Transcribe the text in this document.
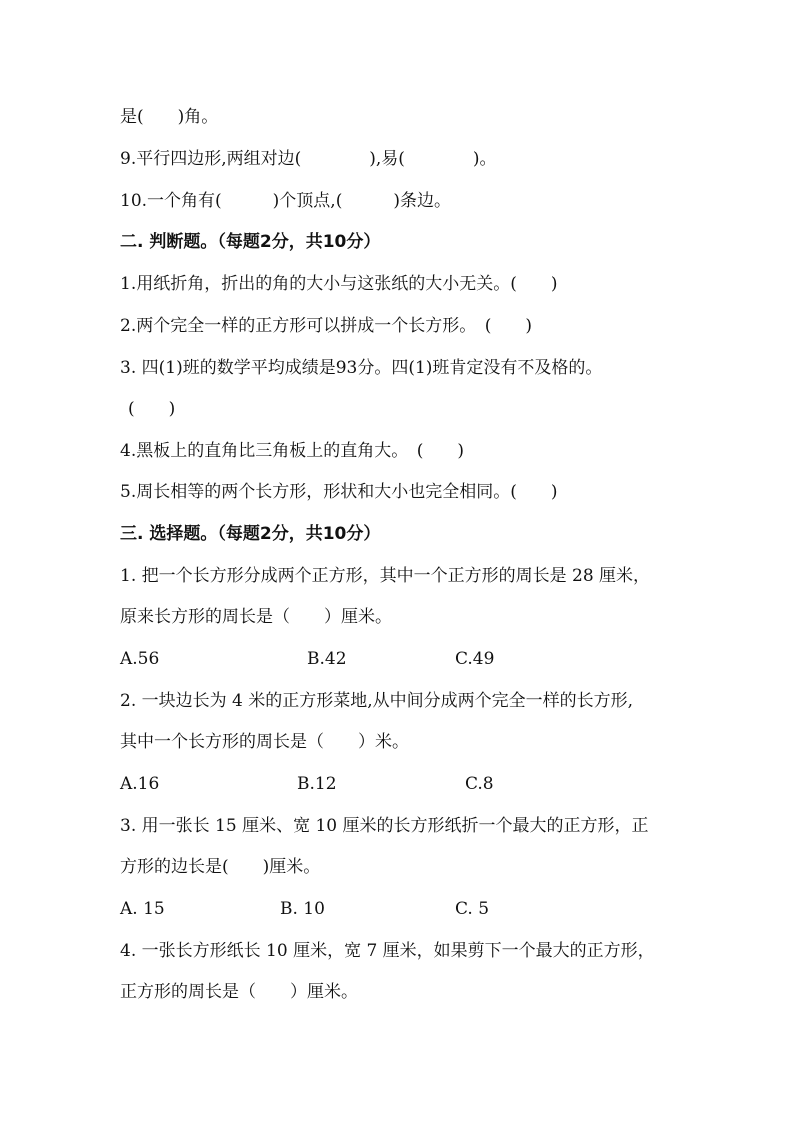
是(　　)角。
9.平行四边形,两组对边(　　　　),易(　　　　)。
10.一个角有(　　　)个顶点,(　　　)条边。
二. 判断题。（每题2分，共10分）
1.用纸折角，折出的角的大小与这张纸的大小无关。(　　)
2.两个完全一样的正方形可以拼成一个长方形。　(　　)
3. 四(1)班的数学平均成绩是93分。四(1)班肯定没有不及格的。
(　　)
4.黑板上的直角比三角板上的直角大。　(　　)
5.周长相等的两个长方形，形状和大小也完全相同。(　　)
三. 选择题。（每题2分，共10分）
1. 把一个长方形分成两个正方形，其中一个正方形的周长是 28 厘米，
原来长方形的周长是（　　）厘米。
A.56	B.42	C.49
2. 一块边长为 4 米的正方形菜地,从中间分成两个完全一样的长方形,
其中一个长方形的周长是（　　）米。
A.16	B.12	C.8
3. 用一张长 15 厘米、宽 10 厘米的长方形纸折一个最大的正方形，正
方形的边长是(　　)厘米。
A. 15	B. 10	C. 5
4. 一张长方形纸长 10 厘米，宽 7 厘米，如果剪下一个最大的正方形，
正方形的周长是（　　）厘米。
